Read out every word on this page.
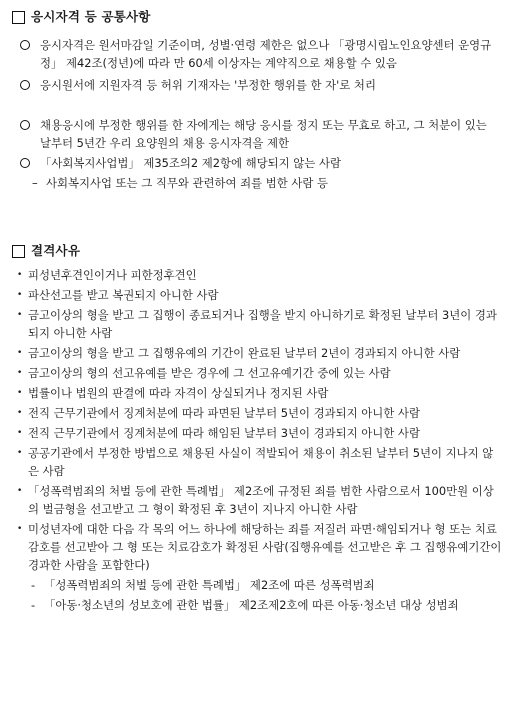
응시자격 등 공통사항

응시자격은 원서마감일 기준이며, 성별·연령 제한은 없으나 「광명시립노인요양센터 운영규정」 제42조(정년)에 따라 만 60세 이상자는 계약직으로 채용할 수 있음

응시원서에 지원자격 등 허위 기재자는 '부정한 행위를 한 자'로 처리

채용응시에 부정한 행위를 한 자에게는 해당 응시를 정지 또는 무효로 하고, 그 처분이 있는 날부터 5년간 우리 요양원의 채용 응시자격을 제한

「사회복지사업법」 제35조의2 제2항에 해당되지 않는 사람

– 사회복지사업 또는 그 직무와 관련하여 죄를 범한 사람 등

결격사유
• 피성년후견인이거나 피한정후견인

• 파산선고를 받고 복권되지 아니한 사람

• 금고이상의 형을 받고 그 집행이 종료되거나 집행을 받지 아니하기로 확정된 날부터 3년이 경과되지 아니한 사람

• 금고이상의 형을 받고 그 집행유예의 기간이 완료된 날부터 2년이 경과되지 아니한 사람

• 금고이상의 형의 선고유예를 받은 경우에 그 선고유예기간 중에 있는 사람

• 법률이나 법원의 판결에 따라 자격이 상실되거나 정지된 사람

• 전직 근무기관에서 징계처분에 따라 파면된 날부터 5년이 경과되지 아니한 사람

• 전직 근무기관에서 징계처분에 따라 해임된 날부터 3년이 경과되지 아니한 사람

• 공공기관에서 부정한 방법으로 채용된 사실이 적발되어 채용이 취소된 날부터 5년이 지나지 않은 사람

• 「성폭력범죄의 처벌 등에 관한 특례법」 제2조에 규정된 죄를 범한 사람으로서 100만원 이상의 벌금형을 선고받고 그 형이 확정된 후 3년이 지나지 아니한 사람

• 미성년자에 대한 다음 각 목의 어느 하나에 해당하는 죄를 저질러 파면·해임되거나 형 또는 치료감호를 선고받아 그 형 또는 치료감호가 확정된 사람(집행유예를 선고받은 후 그 집행유예기간이 경과한 사람을 포함한다)

- 「성폭력범죄의 처벌 등에 관한 특례법」 제2조에 따른 성폭력범죄

- 「아동·청소년의 성보호에 관한 법률」 제2조제2호에 따른 아동·청소년 대상 성범죄
